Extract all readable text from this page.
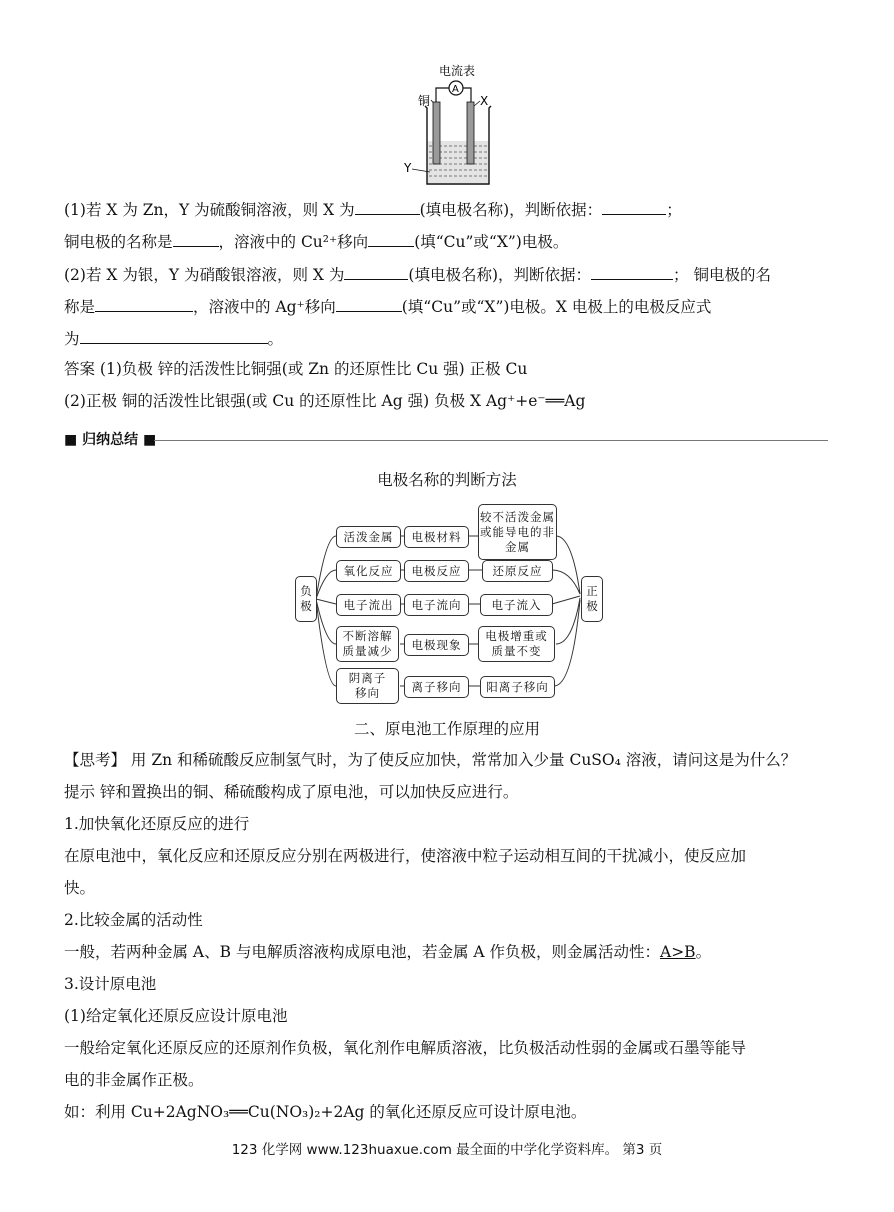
电流表
A
铜	X
Y
(1)若 X 为 Zn，Y 为硫酸铜溶液，则 X 为	(填电极名称)，判断依据：	；
铜电极的名称是	，溶液中的 Cu²⁺移向	(填“Cu”或“X”)电极。
(2)若 X 为银，Y 为硝酸银溶液，则 X 为	(填电极名称)，判断依据：	； 铜电极的名
称是	，溶液中的 Ag⁺移向	(填“Cu”或“X”)电极。X 电极上的电极反应式
为	。
答案 (1)负极 锌的活泼性比铜强(或 Zn 的还原性比 Cu 强) 正极 Cu
(2)正极 铜的活泼性比银强(或 Cu 的还原性比 Ag 强) 负极 X Ag⁺+e⁻══Ag
■ 归纳总结 ■
电极名称的判断方法
负极
正极
活泼金属	电极材料
较不活泼金属或能导电的非金属
氧化反应	电极反应	还原反应
电子流出	电子流向	电子流入
不断溶解质量减少	电极现象
电极增重或质量不变
阴离子移向	离子移向	阳离子移向
二、原电池工作原理的应用
【思考】 用 Zn 和稀硫酸反应制氢气时，为了使反应加快，常常加入少量 CuSO₄ 溶液，请问这是为什么？
提示 锌和置换出的铜、稀硫酸构成了原电池，可以加快反应进行。
1.加快氧化还原反应的进行
在原电池中，氧化反应和还原反应分别在两极进行，使溶液中粒子运动相互间的干扰减小，使反应加
快。
2.比较金属的活动性
一般，若两种金属 A、B 与电解质溶液构成原电池，若金属 A 作负极，则金属活动性：A>B。
3.设计原电池
(1)给定氧化还原反应设计原电池
一般给定氧化还原反应的还原剂作负极，氧化剂作电解质溶液，比负极活动性弱的金属或石墨等能导
电的非金属作正极。
如：利用 Cu+2AgNO₃══Cu(NO₃)₂+2Ag 的氧化还原反应可设计原电池。
123 化学网 www.123huaxue.com 最全面的中学化学资料库。 第3 页
